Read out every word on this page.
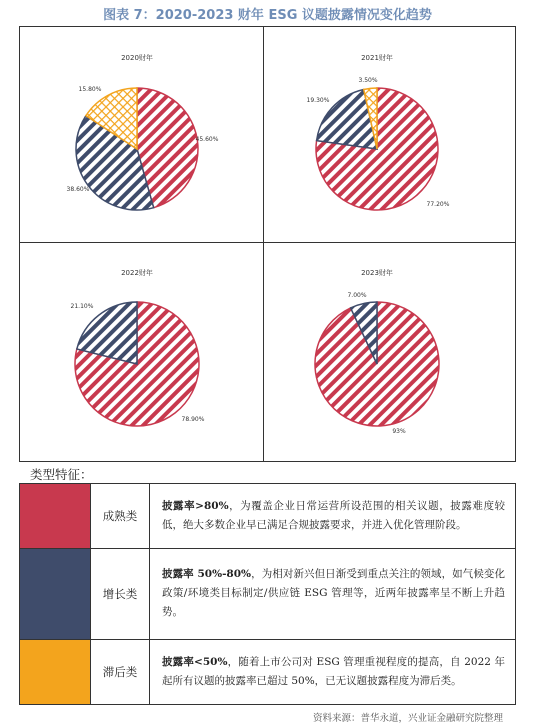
图表 7：2020-2023 财年 ESG 议题披露情况变化趋势
2020财年
45.60%
38.60%
15.80%
2021财年
77.20%
19.30%
3.50%
2022财年
78.90%
21.10%
2023财年
93%
7.00%
类型特征：
	成熟类	披露率>80%，为覆盖企业日常运营所设范围的相关议题，披露难度较低，绝大多数企业早已满足合规披露要求，并进入优化管理阶段。
	增长类	披露率 50%-80%，为相对新兴但日渐受到重点关注的领域，如气候变化政策/环境类目标制定/供应链 ESG 管理等，近两年披露率呈不断上升趋势。
	滞后类	披露率<50%，随着上市公司对 ESG 管理重视程度的提高，自 2022 年起所有议题的披露率已超过 50%，已无议题披露程度为滞后类。
资料来源：普华永道，兴业证金融研究院整理
